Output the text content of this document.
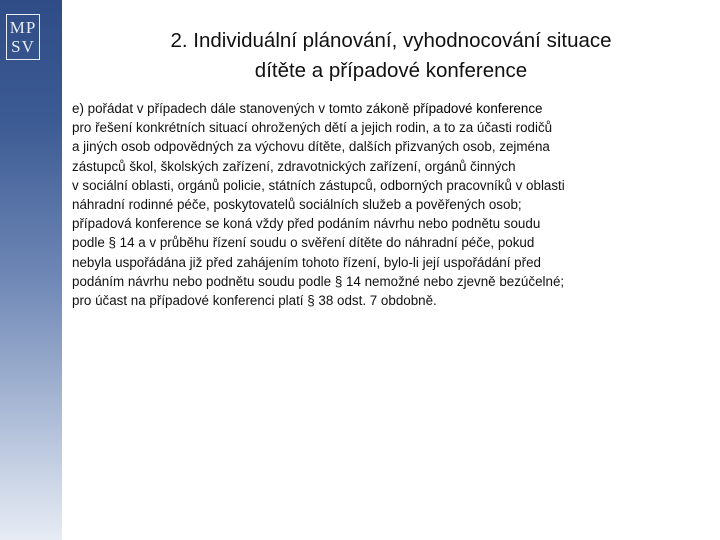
MP
SV	2. Individuální plánování, vyhodnocování situace
dítěte a případové konference

e) pořádat v případech dále stanovených v tomto zákoně případové konference
pro řešení konkrétních situací ohrožených dětí a jejich rodin, a to za účasti rodičů
a jiných osob odpovědných za výchovu dítěte, dalších přizvaných osob, zejména
zástupců škol, školských zařízení, zdravotnických zařízení, orgánů činných
v sociální oblasti, orgánů policie, státních zástupců, odborných pracovníků v oblasti
náhradní rodinné péče, poskytovatelů sociálních služeb a pověřených osob;
případová konference se koná vždy před podáním návrhu nebo podnětu soudu
podle § 14 a v průběhu řízení soudu o svěření dítěte do náhradní péče, pokud
nebyla uspořádána již před zahájením tohoto řízení, bylo-li její uspořádání před
podáním návrhu nebo podnětu soudu podle § 14 nemožné nebo zjevně bezúčelné;
pro účast na případové konferenci platí § 38 odst. 7 obdobně.
